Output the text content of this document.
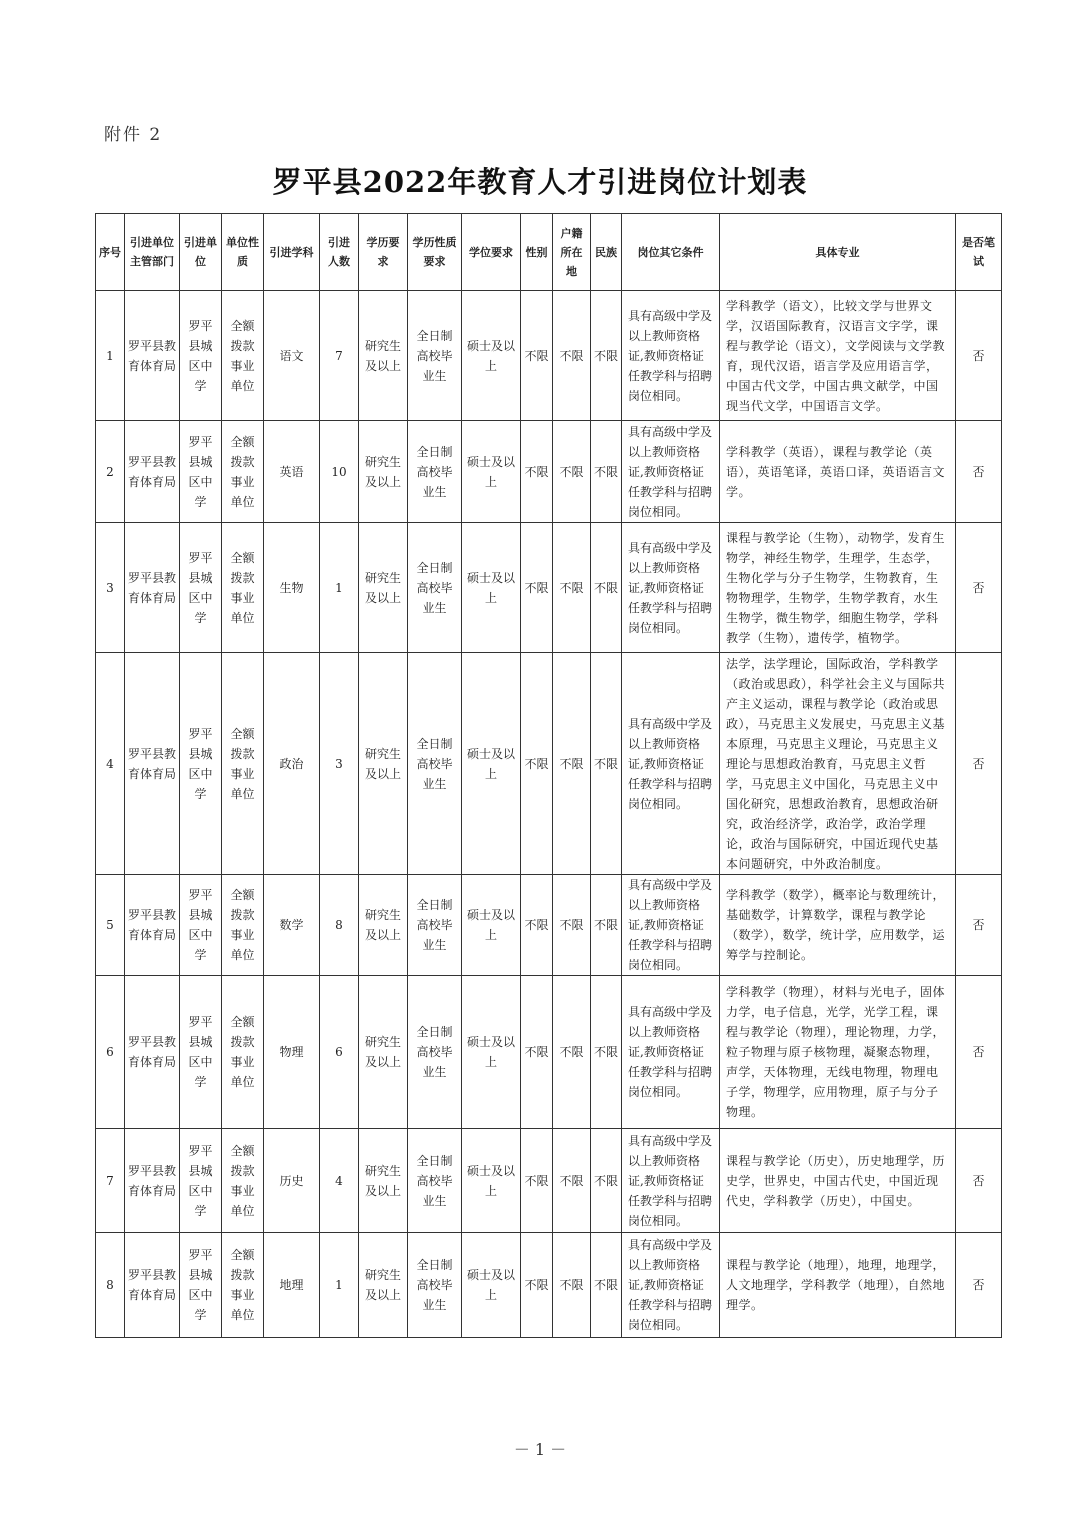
附件 2
罗平县2022年教育人才引进岗位计划表
序号	引进单位主管部门	引进单位	单位性质	引进学科	引进人数	学历要求	学历性质要求	学位要求	性别	户籍所在地	民族	岗位其它条件	具体专业	是否笔试
1	罗平县教育体育局	罗平县城区中学	全额拨款事业单位	语文	7	研究生及以上	全日制高校毕业生	硕士及以上	不限	不限	不限	具有高级中学及以上教师资格证,教师资格证任教学科与招聘岗位相同。	学科教学（语文），比较文学与世界文学，汉语国际教育，汉语言文字学，课程与教学论（语文），文学阅读与文学教育，现代汉语，语言学及应用语言学，中国古代文学，中国古典文献学，中国现当代文学，中国语言文学。	否
2	罗平县教育体育局	罗平县城区中学	全额拨款事业单位	英语	10	研究生及以上	全日制高校毕业生	硕士及以上	不限	不限	不限	具有高级中学及以上教师资格证,教师资格证任教学科与招聘岗位相同。	学科教学（英语），课程与教学论（英语），英语笔译，英语口译，英语语言文学。	否
3	罗平县教育体育局	罗平县城区中学	全额拨款事业单位	生物	1	研究生及以上	全日制高校毕业生	硕士及以上	不限	不限	不限	具有高级中学及以上教师资格证,教师资格证任教学科与招聘岗位相同。	课程与教学论（生物），动物学，发育生物学，神经生物学，生理学，生态学，生物化学与分子生物学，生物教育，生物物理学，生物学，生物学教育，水生生物学，微生物学，细胞生物学，学科教学（生物），遗传学，植物学。	否
4	罗平县教育体育局	罗平县城区中学	全额拨款事业单位	政治	3	研究生及以上	全日制高校毕业生	硕士及以上	不限	不限	不限	具有高级中学及以上教师资格证,教师资格证任教学科与招聘岗位相同。	法学，法学理论，国际政治，学科教学（政治或思政），科学社会主义与国际共产主义运动，课程与教学论（政治或思政），马克思主义发展史，马克思主义基本原理，马克思主义理论，马克思主义理论与思想政治教育，马克思主义哲学，马克思主义中国化，马克思主义中国化研究，思想政治教育，思想政治研究，政治经济学，政治学，政治学理论，政治与国际研究，中国近现代史基本问题研究，中外政治制度。	否
5	罗平县教育体育局	罗平县城区中学	全额拨款事业单位	数学	8	研究生及以上	全日制高校毕业生	硕士及以上	不限	不限	不限	具有高级中学及以上教师资格证,教师资格证任教学科与招聘岗位相同。	学科教学（数学），概率论与数理统计，基础数学，计算数学，课程与教学论（数学），数学，统计学，应用数学，运筹学与控制论。	否
6	罗平县教育体育局	罗平县城区中学	全额拨款事业单位	物理	6	研究生及以上	全日制高校毕业生	硕士及以上	不限	不限	不限	具有高级中学及以上教师资格证,教师资格证任教学科与招聘岗位相同。	学科教学（物理），材料与光电子，固体力学，电子信息，光学，光学工程，课程与教学论（物理），理论物理，力学，粒子物理与原子核物理，凝聚态物理，声学，天体物理，无线电物理，物理电子学，物理学，应用物理，原子与分子物理。	否
7	罗平县教育体育局	罗平县城区中学	全额拨款事业单位	历史	4	研究生及以上	全日制高校毕业生	硕士及以上	不限	不限	不限	具有高级中学及以上教师资格证,教师资格证任教学科与招聘岗位相同。	课程与教学论（历史），历史地理学，历史学，世界史，中国古代史，中国近现代史，学科教学（历史），中国史。	否
8	罗平县教育体育局	罗平县城区中学	全额拨款事业单位	地理	1	研究生及以上	全日制高校毕业生	硕士及以上	不限	不限	不限	具有高级中学及以上教师资格证,教师资格证任教学科与招聘岗位相同。	课程与教学论（地理），地理，地理学，人文地理学，学科教学（地理），自然地理学。	否
－ 1 －
